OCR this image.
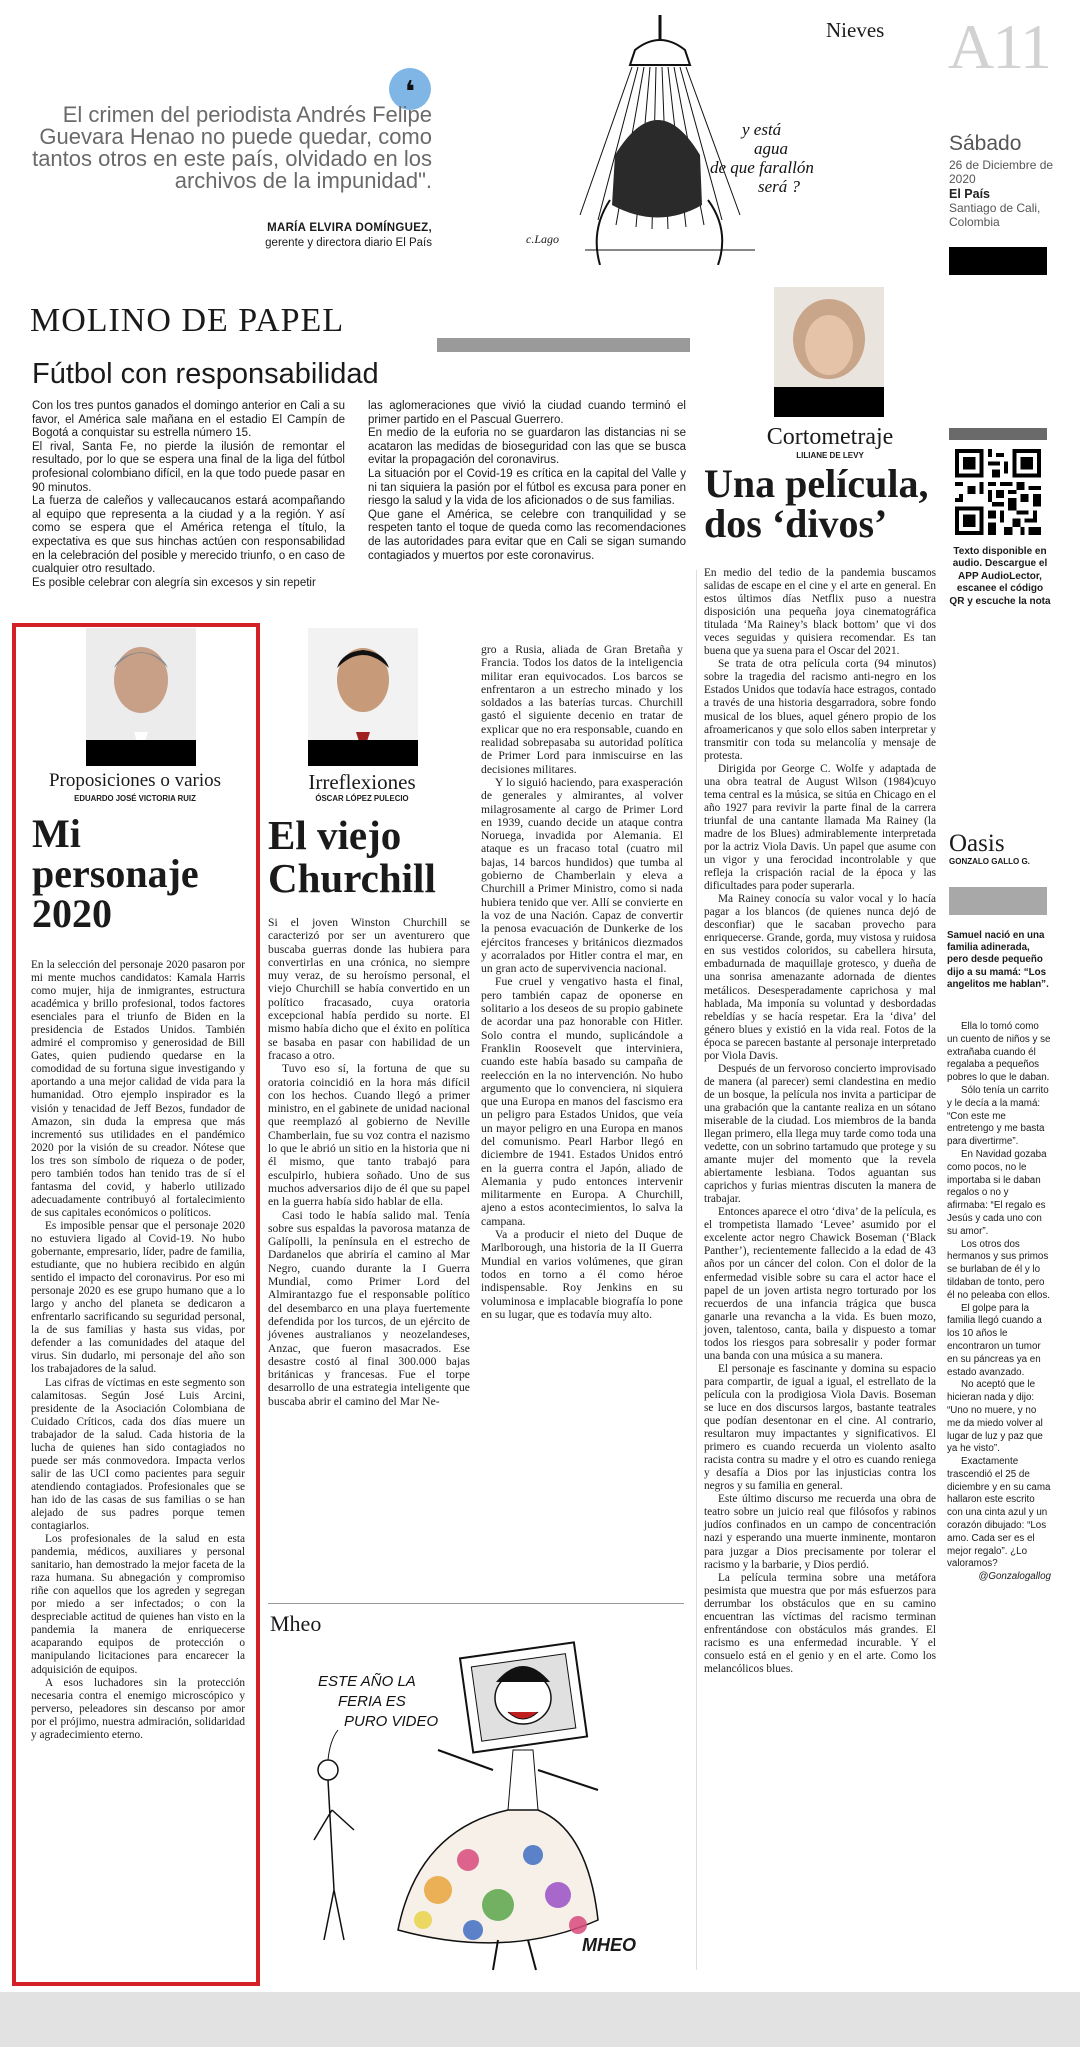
❛
El crimen del periodista Andrés Felipe Guevara Henao no puede quedar, como tantos otros en este país, olvidado en los archivos de la impunidad".
MARÍA ELVIRA DOMÍNGUEZ,
gerente y directora diario El País
y está
agua
de que farallón
será ?
c.Lago
Nieves A11
Sábado
26 de Diciembre de 2020
El País
Santiago de Cali, Colombia
MOLINO DE PAPEL
Fútbol con responsabilidad

Con los tres puntos ganados el domingo anterior en Cali a su favor, el América sale mañana en el estadio El Campín de Bogotá a conquistar su estrella número 15.

El rival, Santa Fe, no pierde la ilusión de remontar el resultado, por lo que se espera una final de la liga del fútbol profesional colombiano difícil, en la que todo puede pasar en 90 minutos.

La fuerza de caleños y vallecaucanos estará acompañando al equipo que representa a la ciudad y a la región. Y así como se espera que el América retenga el título, la expectativa es que sus hinchas actúen con responsabilidad en la celebración del posible y merecido triunfo, o en caso de cualquier otro resultado.

Es posible celebrar con alegría sin excesos y sin repetir

las aglomeraciones que vivió la ciudad cuando terminó el primer partido en el Pascual Guerrero.

En medio de la euforia no se guardaron las distancias ni se acataron las medidas de bioseguridad con las que se busca evitar la propagación del coronavirus.

La situación por el Covid-19 es crítica en la capital del Valle y ni tan siquiera la pasión por el fútbol es excusa para poner en riesgo la salud y la vida de los aficionados o de sus familias.

Que gane el América, se celebre con tranquilidad y se respeten tanto el toque de queda como las recomendaciones de las autoridades para evitar que en Cali se sigan sumando contagiados y muertos por este coronavirus.

Cortometraje
LILIANE DE LEVY
Una película, dos ‘divos’

En medio del tedio de la pandemia buscamos salidas de escape en el cine y el arte en general. En estos últimos días Netflix puso a nuestra disposición una pequeña joya cinematográfica titulada ‘Ma Rainey’s black bottom’ que vi dos veces seguidas y quisiera recomendar. Es tan buena que ya suena para el Oscar del 2021.

Se trata de otra película corta (94 minutos) sobre la tragedia del racismo anti-negro en los Estados Unidos que todavía hace estragos, contado a través de una historia desgarradora, sobre fondo musical de los blues, aquel género propio de los afroamericanos y que solo ellos saben interpretar y transmitir con toda su melancolía y mensaje de protesta.

Dirigida por George C. Wolfe y adaptada de una obra teatral de August Wilson (1984)cuyo tema central es la música, se sitúa en Chicago en el año 1927 para revivir la parte final de la carrera triunfal de una cantante llamada Ma Rainey (la madre de los Blues) admirablemente interpretada por la actriz Viola Davis. Un papel que asume con un vigor y una ferocidad incontrolable y que refleja la crispación racial de la época y las dificultades para poder superarla.

Ma Rainey conocía su valor vocal y lo hacía pagar a los blancos (de quienes nunca dejó de desconfiar) que le sacaban provecho para enriquecerse. Grande, gorda, muy vistosa y ruidosa en sus vestidos coloridos, su cabellera hirsuta, embadurnada de maquillaje grotesco, y dueña de una sonrisa amenazante adornada de dientes metálicos. Desesperadamente caprichosa y mal hablada, Ma imponía su voluntad y desbordadas rebeldías y se hacía respetar. Era la ‘diva’ del género blues y existió en la vida real. Fotos de la época se parecen bastante al personaje interpretado por Viola Davis.

Después de un fervoroso concierto improvisado de manera (al parecer) semi clandestina en medio de un bosque, la película nos invita a participar de una grabación que la cantante realiza en un sótano miserable de la ciudad. Los miembros de la banda llegan primero, ella llega muy tarde como toda una vedette, con un sobrino tartamudo que protege y su amante mujer del momento que la revela abiertamente lesbiana. Todos aguantan sus caprichos y furias mientras discuten la manera de trabajar.

Entonces aparece el otro ‘diva’ de la película, es el trompetista llamado ‘Levee’ asumido por el excelente actor negro Chawick Boseman (‘Black Panther’), recientemente fallecido a la edad de 43 años por un cáncer del colon. Con el dolor de la enfermedad visible sobre su cara el actor hace el papel de un joven artista negro torturado por los recuerdos de una infancia trágica que busca ganarle una revancha a la vida. Es buen mozo, joven, talentoso, canta, baila y dispuesto a tomar todos los riesgos para sobresalir y poder formar una banda con una música a su manera.

El personaje es fascinante y domina su espacio para compartir, de igual a igual, el estrellato de la película con la prodigiosa Viola Davis. Boseman se luce en dos discursos largos, bastante teatrales que podían desentonar en el cine. Al contrario, resultaron muy impactantes y significativos. El primero es cuando recuerda un violento asalto racista contra su madre y el otro es cuando reniega y desafía a Dios por las injusticias contra los negros y su familia en general.

Este último discurso me recuerda una obra de teatro sobre un juicio real que filósofos y rabinos judíos confinados en un campo de concentración nazi y esperando una muerte inminente, montaron para juzgar a Dios precisamente por tolerar el racismo y la barbarie, y Dios perdió.

La película termina sobre una metáfora pesimista que muestra que por más esfuerzos para derrumbar los obstáculos que en su camino encuentran las víctimas del racismo terminan enfrentándose con obstáculos más grandes. El racismo es una enfermedad incurable. Y el consuelo está en el genio y en el arte. Como los melancólicos blues.

Texto disponible en audio. Descargue el APP AudioLector, escanee el código QR y escuche la nota
Oasis
GONZALO GALLO G.
Samuel nació en una familia adinerada, pero desde pequeño dijo a su mamá: “Los angelitos me hablan”.

Ella lo tomó como un cuento de niños y se extrañaba cuando él regalaba a pequeños pobres lo que le daban.

Sólo tenía un carrito y le decía a la mamá: “Con este me entretengo y me basta para divertirme”.

En Navidad gozaba como pocos, no le importaba si le daban regalos o no y afirmaba: “El regalo es Jesús y cada uno con su amor”.

Los otros dos hermanos y sus primos se burlaban de él y lo tildaban de tonto, pero él no peleaba con ellos.

El golpe para la familia llegó cuando a los 10 años le encontraron un tumor en su páncreas ya en estado avanzado.

No aceptó que le hicieran nada y dijo: “Uno no muere, y no me da miedo volver al lugar de luz y paz que ya he visto”.

Exactamente trascendió el 25 de diciembre y en su cama hallaron este escrito con una cinta azul y un corazón dibujado: “Los amo. Cada ser es el mejor regalo”. ¿Lo valoramos?

@Gonzalogallog
Proposiciones o varios
EDUARDO JOSÉ VICTORIA RUIZ
Mi personaje 2020

En la selección del personaje 2020 pasaron por mi mente muchos candidatos: Kamala Harris como mujer, hija de inmigrantes, estructura académica y brillo profesional, todos factores esenciales para el triunfo de Biden en la presidencia de Estados Unidos. También admiré el compromiso y generosidad de Bill Gates, quien pudiendo quedarse en la comodidad de su fortuna sigue investigando y aportando a una mejor calidad de vida para la humanidad. Otro ejemplo inspirador es la visión y tenacidad de Jeff Bezos, fundador de Amazon, sin duda la empresa que más incrementó sus utilidades en el pandémico 2020 por la visión de su creador. Nótese que los tres son símbolo de riqueza o de poder, pero también todos han tenido tras de sí el fantasma del covid, y haberlo utilizado adecuadamente contribuyó al fortalecimiento de sus capitales económicos o políticos.

Es imposible pensar que el personaje 2020 no estuviera ligado al Covid-19. No hubo gobernante, empresario, líder, padre de familia, estudiante, que no hubiera recibido en algún sentido el impacto del coronavirus. Por eso mi personaje 2020 es ese grupo humano que a lo largo y ancho del planeta se dedicaron a enfrentarlo sacrificando su seguridad personal, la de sus familias y hasta sus vidas, por defender a las comunidades del ataque del virus. Sin dudarlo, mi personaje del año son los trabajadores de la salud.

Las cifras de víctimas en este segmento son calamitosas. Según José Luis Arcini, presidente de la Asociación Colombiana de Cuidado Críticos, cada dos días muere un trabajador de la salud. Cada historia de la lucha de quienes han sido contagiados no puede ser más conmovedora. Impacta verlos salir de las UCI como pacientes para seguir atendiendo contagiados. Profesionales que se han ido de las casas de sus familias o se han alejado de sus padres porque temen contagiarlos.

Los profesionales de la salud en esta pandemia, médicos, auxiliares y personal sanitario, han demostrado la mejor faceta de la raza humana. Su abnegación y compromiso riñe con aquellos que los agreden y segregan por miedo a ser infectados; o con la despreciable actitud de quienes han visto en la pandemia la manera de enriquecerse acaparando equipos de protección o manipulando licitaciones para encarecer la adquisición de equipos.

A esos luchadores sin la protección necesaria contra el enemigo microscópico y perverso, peleadores sin descanso por amor por el prójimo, nuestra admiración, solidaridad y agradecimiento eterno.

Irreflexiones
ÓSCAR LÓPEZ PULECIO
El viejo Churchill

Si el joven Winston Churchill se caracterizó por ser un aventurero que buscaba guerras donde las hubiera para convertirlas en una crónica, no siempre muy veraz, de su heroísmo personal, el viejo Churchill se había convertido en un político fracasado, cuya oratoria excepcional había perdido su norte. El mismo había dicho que el éxito en política se basaba en pasar con habilidad de un fracaso a otro.

Tuvo eso sí, la fortuna de que su oratoria coincidió en la hora más difícil con los hechos. Cuando llegó a primer ministro, en el gabinete de unidad nacional que reemplazó al gobierno de Neville Chamberlain, fue su voz contra el nazismo lo que le abrió un sitio en la historia que ni él mismo, que tanto trabajó para esculpirlo, hubiera soñado. Uno de sus muchos adversarios dijo de él que su papel en la guerra había sido hablar de ella.

Casi todo le había salido mal. Tenía sobre sus espaldas la pavorosa matanza de Galípolli, la península en el estrecho de Dardanelos que abriría el camino al Mar Negro, cuando durante la I Guerra Mundial, como Primer Lord del Almirantazgo fue el responsable político del desembarco en una playa fuertemente defendida por los turcos, de un ejército de jóvenes australianos y neozelandeses, Anzac, que fueron masacrados. Ese desastre costó al final 300.000 bajas británicas y francesas. Fue el torpe desarrollo de una estrategia inteligente que buscaba abrir el camino del Mar Ne-

gro a Rusia, aliada de Gran Bretaña y Francia. Todos los datos de la inteligencia militar eran equivocados. Los barcos se enfrentaron a un estrecho minado y los soldados a las baterías turcas. Churchill gastó el siguiente decenio en tratar de explicar que no era responsable, cuando en realidad sobrepasaba su autoridad política de Primer Lord para inmiscuirse en las decisiones militares.

Y lo siguió haciendo, para exasperación de generales y almirantes, al volver milagrosamente al cargo de Primer Lord en 1939, cuando decide un ataque contra Noruega, invadida por Alemania. El ataque es un fracaso total (cuatro mil bajas, 14 barcos hundidos) que tumba al gobierno de Chamberlain y eleva a Churchill a Primer Ministro, como si nada hubiera tenido que ver. Allí se convierte en la voz de una Nación. Capaz de convertir la penosa evacuación de Dunkerke de los ejércitos franceses y británicos diezmados y acorralados por Hitler contra el mar, en un gran acto de supervivencia nacional.

Fue cruel y vengativo hasta el final, pero también capaz de oponerse en solitario a los deseos de su propio gabinete de acordar una paz honorable con Hitler. Solo contra el mundo, suplicándole a Franklin Roosevelt que interviniera, cuando este había basado su campaña de reelección en la no intervención. No hubo argumento que lo convenciera, ni siquiera que una Europa en manos del fascismo era un peligro para Estados Unidos, que veía un mayor peligro en una Europa en manos del comunismo. Pearl Harbor llegó en diciembre de 1941. Estados Unidos entró en la guerra contra el Japón, aliado de Alemania y pudo entonces intervenir militarmente en Europa. A Churchill, ajeno a estos acontecimientos, lo salva la campana.

Va a producir el nieto del Duque de Marlborough, una historia de la II Guerra Mundial en varios volúmenes, que giran todos en torno a él como héroe indispensable. Roy Jenkins en su voluminosa e implacable biografía lo pone en su lugar, que es todavía muy alto.

Mheo
ESTE AÑO LA
FERIA ES
PURO VIDEO
MHEO
